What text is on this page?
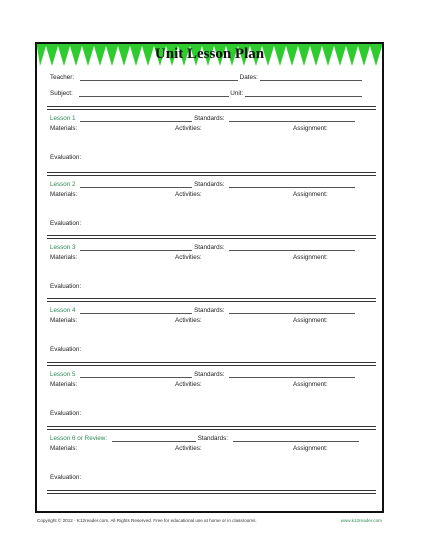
Unit Lesson Plan
Teacher:	Dates:
Subject:	Unit:
Lesson 1	Standards:
Materials:	Activities:	Assignment:
Evaluation:
Lesson 2	Standards:
Materials:	Activities:	Assignment:
Evaluation:
Lesson 3	Standards:
Materials:	Activities:	Assignment:
Evaluation:
Lesson 4	Standards:
Materials:	Activities:	Assignment:
Evaluation:
Lesson 5	Standards:
Materials:	Activities:	Assignment:
Evaluation:
Lesson 6 or Review:	Standards:
Materials:	Activities:	Assignment:
Evaluation:
Copyright © 2012 · K12reader.com. All Rights Reserved. Free for educational use at home or in classrooms.	www.k12reader.com
